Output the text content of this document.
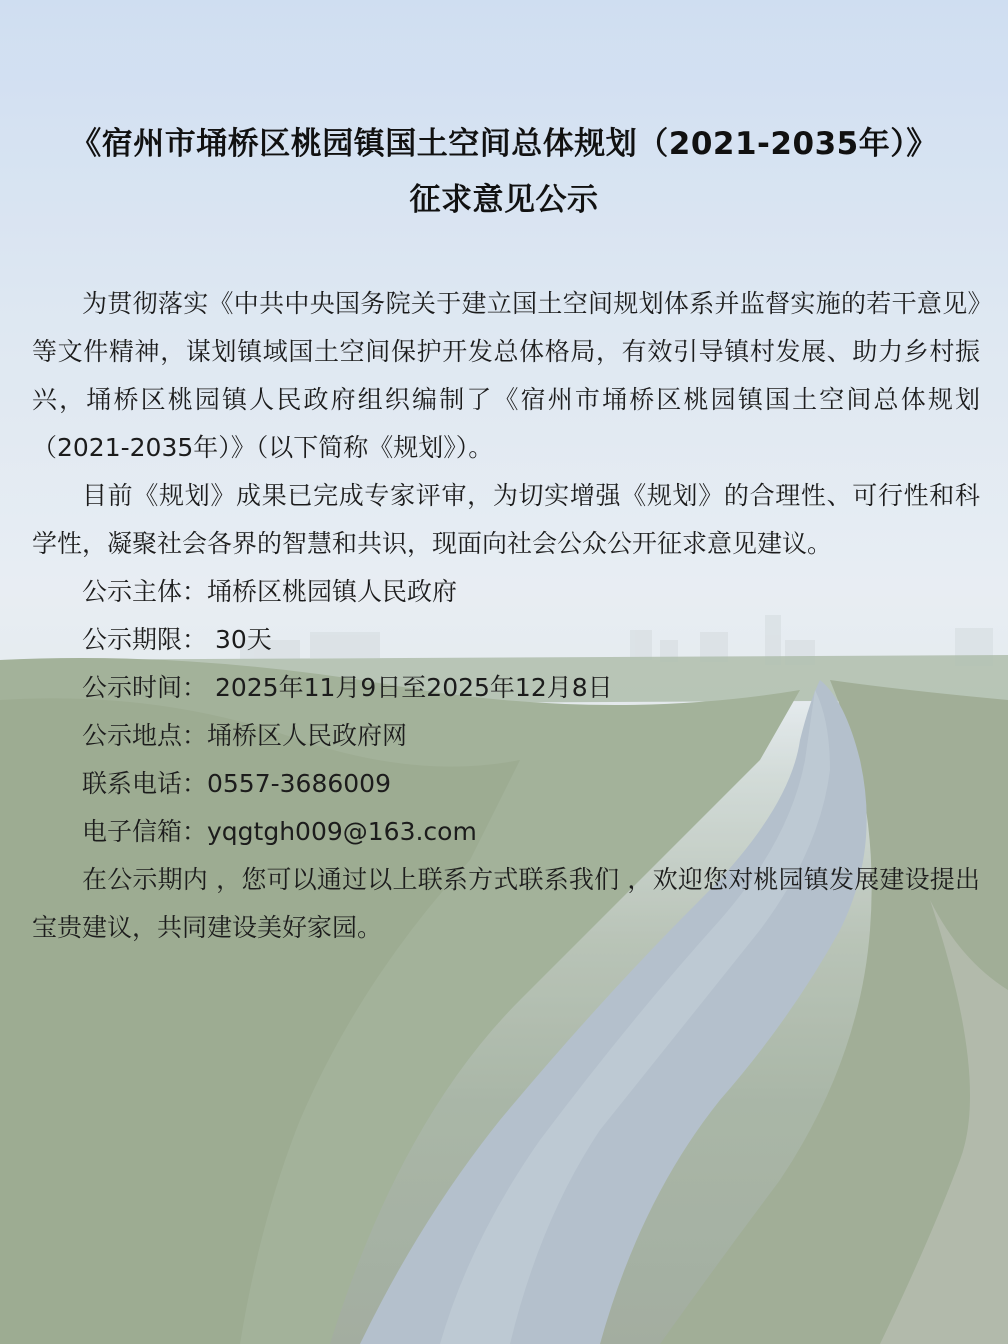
《宿州市埇桥区桃园镇国土空间总体规划（2021-2035年）》
征求意见公示

为贯彻落实《中共中央国务院关于建立国土空间规划体系并监督实施的若干意见》等文件精神，谋划镇域国土空间保护开发总体格局，有效引导镇村发展、助力乡村振兴，埇桥区桃园镇人民政府组织编制了《宿州市埇桥区桃园镇国土空间总体规划（2021-2035年）》（以下简称《规划》）。

目前《规划》成果已完成专家评审，为切实增强《规划》的合理性、可行性和科学性，凝聚社会各界的智慧和共识，现面向社会公众公开征求意见建议。

公示主体：埇桥区桃园镇人民政府
公示期限： 30天
公示时间： 2025年11月9日至2025年12月8日
公示地点：埇桥区人民政府网
联系电话：0557-3686009
电子信箱：yqgtgh009@163.com

在公示期内 ，您可以通过以上联系方式联系我们 ，欢迎您对桃园镇发展建设提出宝贵建议，共同建设美好家园。
